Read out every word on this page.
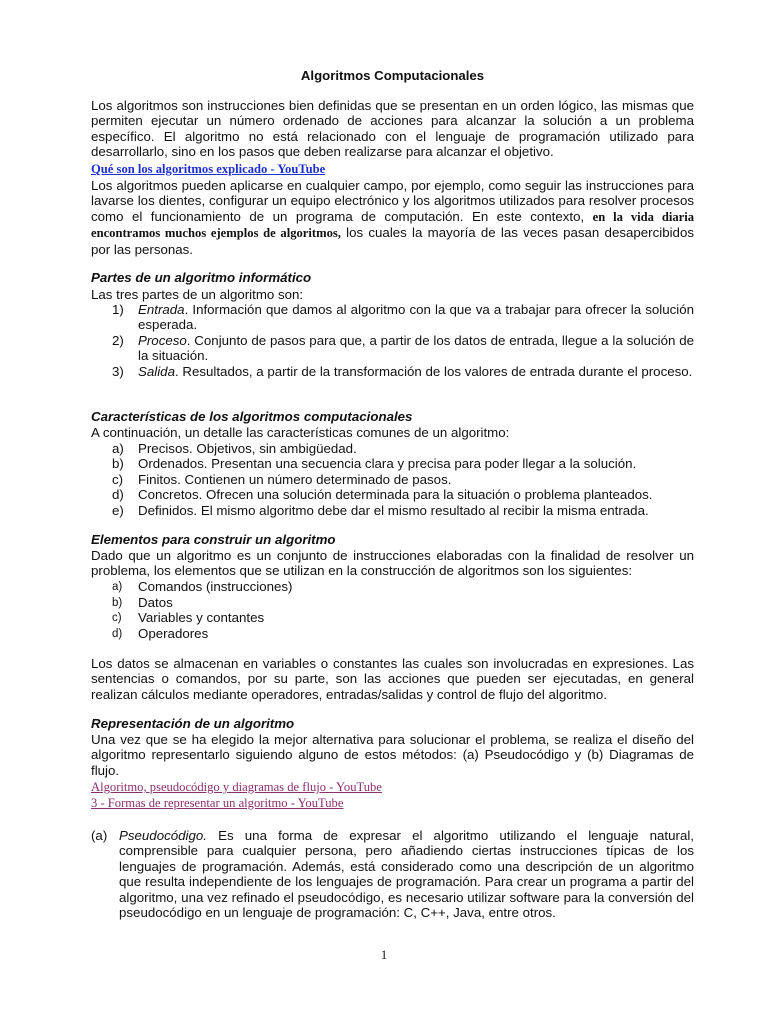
Algoritmos Computacionales

Los algoritmos son instrucciones bien definidas que se presentan en un orden lógico, las mismas que permiten ejecutar un número ordenado de acciones para alcanzar la solución a un problema específico. El algoritmo no está relacionado con el lenguaje de programación utilizado para desarrollarlo, sino en los pasos que deben realizarse para alcanzar el objetivo.

Qué son los algoritmos explicado - YouTube

Los algoritmos pueden aplicarse en cualquier campo, por ejemplo, como seguir las instrucciones para lavarse los dientes, configurar un equipo electrónico y los algoritmos utilizados para resolver procesos como el funcionamiento de un programa de computación. En este contexto, en la vida diaria encontramos muchos ejemplos de algoritmos, los cuales la mayoría de las veces pasan desapercibidos por las personas.

Partes de un algoritmo informático
Las tres partes de un algoritmo son:
1) Entrada. Información que damos al algoritmo con la que va a trabajar para ofrecer la solución esperada.
2) Proceso. Conjunto de pasos para que, a partir de los datos de entrada, llegue a la solución de la situación.
3) Salida. Resultados, a partir de la transformación de los valores de entrada durante el proceso.
Características de los algoritmos computacionales
A continuación, un detalle las características comunes de un algoritmo:
a) Precisos. Objetivos, sin ambigüedad.
b) Ordenados. Presentan una secuencia clara y precisa para poder llegar a la solución.
c) Finitos. Contienen un número determinado de pasos.
d) Concretos. Ofrecen una solución determinada para la situación o problema planteados.
e) Definidos. El mismo algoritmo debe dar el mismo resultado al recibir la misma entrada.
Elementos para construir un algoritmo

Dado que un algoritmo es un conjunto de instrucciones elaboradas con la finalidad de resolver un problema, los elementos que se utilizan en la construcción de algoritmos son los siguientes:

a) Comandos (instrucciones)
b) Datos
c) Variables y contantes
d) Operadores

Los datos se almacenan en variables o constantes las cuales son involucradas en expresiones. Las sentencias o comandos, por su parte, son las acciones que pueden ser ejecutadas, en general realizan cálculos mediante operadores, entradas/salidas y control de flujo del algoritmo.

Representación de un algoritmo

Una vez que se ha elegido la mejor alternativa para solucionar el problema, se realiza el diseño del algoritmo representarlo siguiendo alguno de estos métodos: (a) Pseudocódigo y (b) Diagramas de flujo.

Algoritmo, pseudocódigo y diagramas de flujo - YouTube
3 - Formas de representar un algoritmo - YouTube
(a) Pseudocódigo. Es una forma de expresar el algoritmo utilizando el lenguaje natural, comprensible para cualquier persona, pero añadiendo ciertas instrucciones típicas de los lenguajes de programación. Además, está considerado como una descripción de un algoritmo que resulta independiente de los lenguajes de programación. Para crear un programa a partir del algoritmo, una vez refinado el pseudocódigo, es necesario utilizar software para la conversión del pseudocódigo en un lenguaje de programación: C, C++, Java, entre otros.
1
